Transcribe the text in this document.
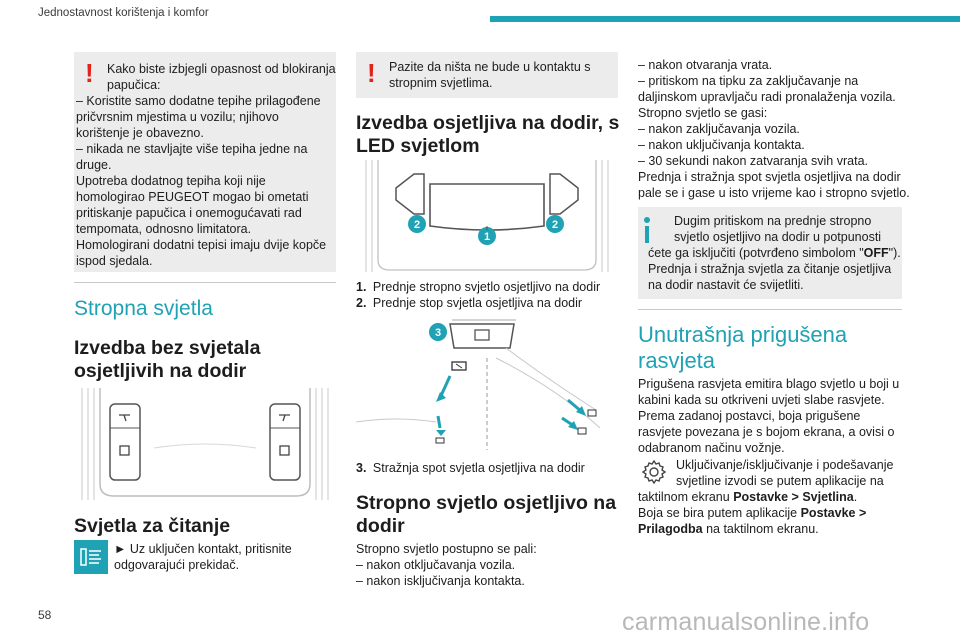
Jednostavnost korištenja i komfor
! Kako biste izbjegli opasnost od blokiranja
papučica:
– Koristite samo dodatne tepihe prilagođene
pričvrsnim mjestima u vozilu; njihovo
korištenje je obavezno.
– nikada ne stavljajte više tepiha jedne na
druge.
Upotreba dodatnog tepiha koji nije
homologirao PEUGEOT mogao bi ometati
pritiskanje papučica i onemogućavati rad
tempomata, odnosno limitatora.
Homologirani dodatni tepisi imaju dvije kopče
ispod sjedala.
Stropna svjetla
Izvedba bez svjetala
osjetljivih na dodir
Svjetla za čitanje
► Uz uključen kontakt, pritisnite
odgovarajući prekidač.
! Pazite da ništa ne bude u kontaktu s
stropnim svjetlima.
Izvedba osjetljiva na dodir, s
LED svjetlom
2
1
2
1. Prednje stropno svjetlo osjetljivo na dodir
2. Prednje stop svjetla osjetljiva na dodir
3
3. Stražnja spot svjetla osjetljiva na dodir
Stropno svjetlo osjetljivo na
dodir
Stropno svjetlo postupno se pali:
– nakon otključavanja vozila.
– nakon isključivanja kontakta.
– nakon otvaranja vrata.
– pritiskom na tipku za zaključavanje na
daljinskom upravljaču radi pronalaženja vozila.
Stropno svjetlo se gasi:
– nakon zaključavanja vozila.
– nakon uključivanja kontakta.
– 30 sekundi nakon zatvaranja svih vrata.
Prednja i stražnja spot svjetla osjetljiva na dodir
pale se i gase u isto vrijeme kao i stropno svjetlo.
Dugim pritiskom na prednje stropno
svjetlo osjetljivo na dodir u potpunosti
ćete ga isključiti (potvrđeno simbolom "OFF").
Prednja i stražnja svjetla za čitanje osjetljiva
na dodir nastavit će svijetliti.
Unutrašnja prigušena
rasvjeta
Prigušena rasvjeta emitira blago svjetlo u boji u
kabini kada su otkriveni uvjeti slabe rasvjete.
Prema zadanoj postavci, boja prigušene
rasvjete povezana je s bojom ekrana, a ovisi o
odabranom načinu vožnje.
Uključivanje/isključivanje i podešavanje
svjetline izvodi se putem aplikacije na
taktilnom ekranu Postavke > Svjetlina.
Boja se bira putem aplikacije Postavke >
Prilagodba na taktilnom ekranu.
58	carmanualsonline.info
